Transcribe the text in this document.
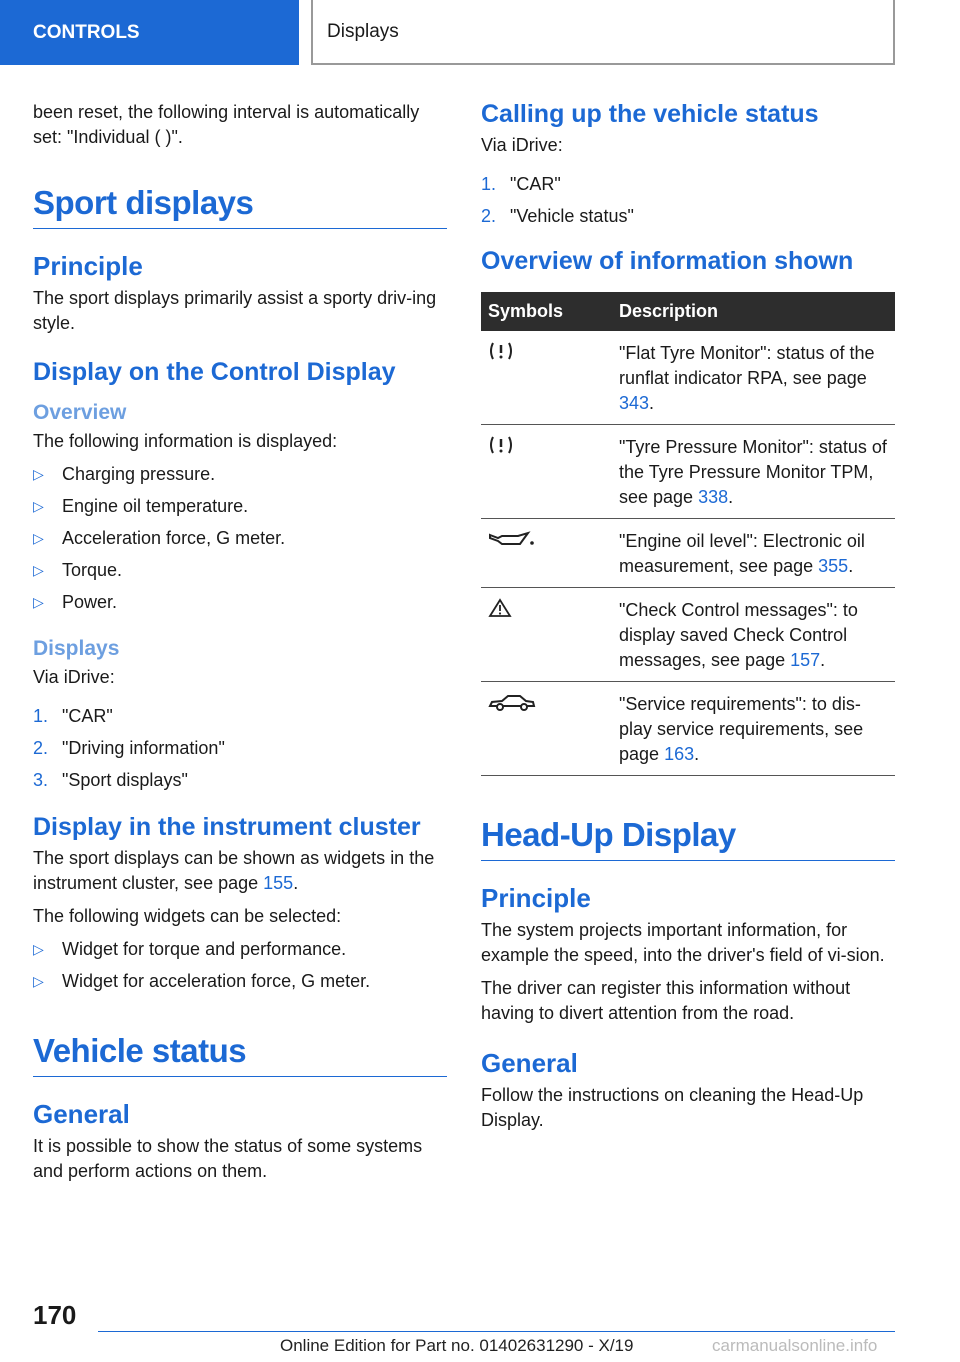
CONTROLS	Displays

been reset, the following interval is automatically set: "Individual ( )".

Sport displays
Principle

The sport displays primarily assist a sporty driv‐ing style.

Display on the Control Display
Overview

The following information is displayed:

▷ Charging pressure.
▷ Engine oil temperature.
▷ Acceleration force, G meter.
▷ Torque.
▷ Power.
Displays

Via iDrive:

1. "CAR"
2. "Driving information"
3. "Sport displays"
Display in the instrument cluster

The sport displays can be shown as widgets in the instrument cluster, see page 155.

The following widgets can be selected:

▷ Widget for torque and performance.
▷ Widget for acceleration force, G meter.
Vehicle status
General

It is possible to show the status of some systems and perform actions on them.

Calling up the vehicle status

Via iDrive:

1. "CAR"
2. "Vehicle status"
Overview of information shown
Symbols	Description
	"Flat Tyre Monitor": status of the runflat indicator RPA, see page 343.
	"Tyre Pressure Monitor": status of the Tyre Pressure Monitor TPM, see page 338.
	"Engine oil level": Electronic oil measurement, see page 355.
	"Check Control messages": to display saved Check Control messages, see page 157.
	"Service requirements": to dis‐play service requirements, see page 163.
Head-Up Display
Principle

The system projects important information, for example the speed, into the driver's field of vi‐sion.

The driver can register this information without having to divert attention from the road.

General

Follow the instructions on cleaning the Head-Up Display.

170
Online Edition for Part no. 01402631290 - X/19	carmanualsonline.info
